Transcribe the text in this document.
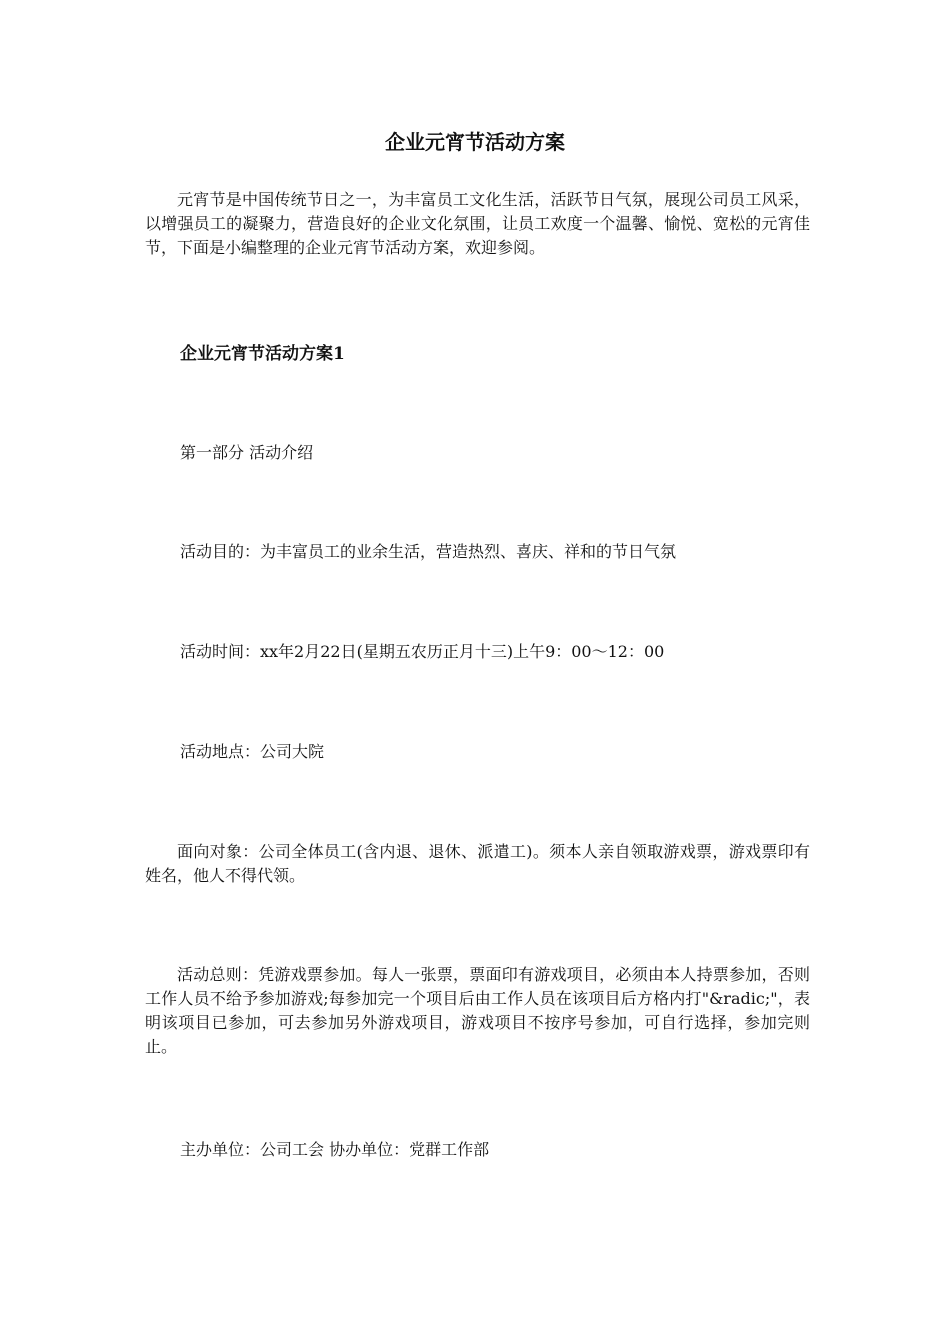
企业元宵节活动方案

元宵节是中国传统节日之一，为丰富员工文化生活，活跃节日气氛，展现公司员工风采，以增强员工的凝聚力，营造良好的企业文化氛围，让员工欢度一个温馨、愉悦、宽松的元宵佳节，下面是小编整理的企业元宵节活动方案，欢迎参阅。

企业元宵节活动方案1

第一部分 活动介绍

活动目的：为丰富员工的业余生活，营造热烈、喜庆、祥和的节日气氛

活动时间：xx年2月22日(星期五农历正月十三)上午9：00～12：00

活动地点：公司大院

面向对象：公司全体员工(含内退、退休、派遣工)。须本人亲自领取游戏票，游戏票印有姓名，他人不得代领。

活动总则：凭游戏票参加。每人一张票，票面印有游戏项目，必须由本人持票参加，否则工作人员不给予参加游戏;每参加完一个项目后由工作人员在该项目后方格内打"&radic;"，表明该项目已参加，可去参加另外游戏项目，游戏项目不按序号参加，可自行选择，参加完则止。

主办单位：公司工会 协办单位：党群工作部
